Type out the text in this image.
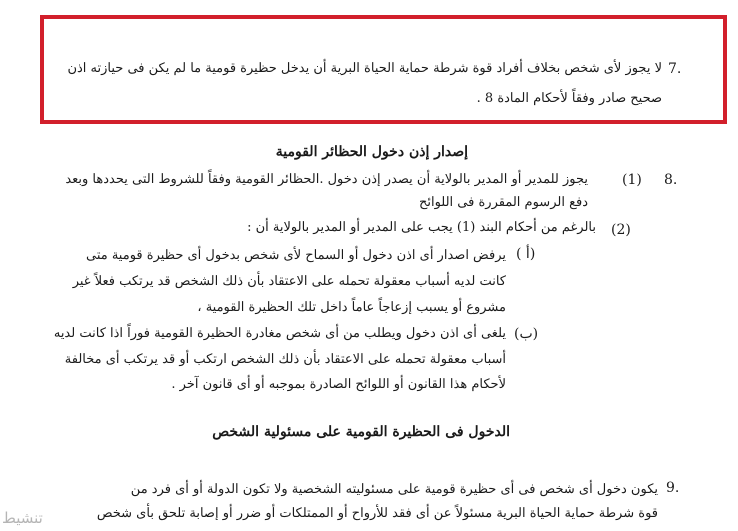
7.
لا يجوز لأى شخص بخلاف أفراد قوة شرطة حماية الحياة البرية أن يدخل حظيرة قومية ما لم يكن فى حيازته اذن
صحيح صادر وفقاً لأحكام المادة 8 .
إصدار إذن دخول الحظائر القومية
8.
(1)
يجوز للمدير أو المدير بالولاية أن يصدر إذن دخول .الحظائر القومية وفقاً للشروط التى يحددها وبعد
دفع الرسوم المقررة فى اللوائح
(2)
بالرغم من أحكام البند (1) يجب على المدير أو المدير بالولاية أن :
( أ)
يرفض اصدار أى اذن دخول أو السماح لأى شخص بدخول أى حظيرة قومية متى
كانت لديه أسباب معقولة تحمله على الاعتقاد بأن ذلك الشخص قد يرتكب فعلاً غير
مشروع أو يسبب إزعاجاً عاماً داخل تلك الحظيرة القومية ،
(ب)
يلغى أى اذن دخول ويطلب من أى شخص مغادرة الحظيرة القومية فوراً اذا كانت لديه
أسباب معقولة تحمله على الاعتقاد بأن ذلك الشخص ارتكب أو قد يرتكب أى مخالفة
لأحكام هذا القانون أو اللوائح الصادرة بموجبه أو أى قانون آخر .
الدخول فى الحظيرة القومية على مسئولية الشخص
9.
يكون دخول أى شخص فى أى حظيرة قومية على مسئوليته الشخصية ولا تكون الدولة أو أى فرد من
قوة شرطة حماية الحياة البرية مسئولاً عن أى فقد للأرواح أو الممتلكات أو ضرر أو إصابة تلحق بأى شخص
تنشيط
